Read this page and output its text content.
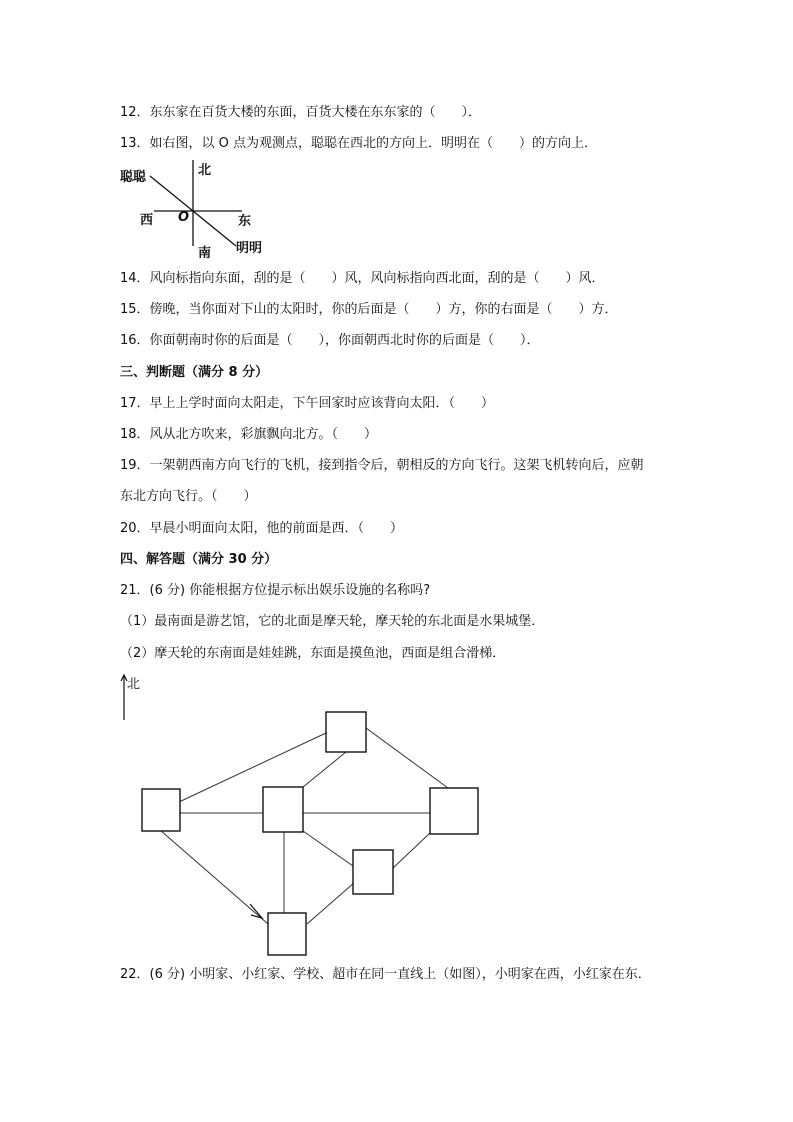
12．东东家在百货大楼的东面，百货大楼在东东家的（　　）．
13．如右图，以 O 点为观测点，聪聪在西北的方向上．明明在（　　）的方向上．
北
南
东
西 O
聪聪
明明
14．风向标指向东面，刮的是（　　）风，风向标指向西北面，刮的是（　　）风．
15．傍晚，当你面对下山的太阳时，你的后面是（　　）方，你的右面是（　　）方．
16．你面朝南时你的后面是（　　），你面朝西北时你的后面是（　　）．
三、判断题（满分 8 分）
17．早上上学时面向太阳走，下午回家时应该背向太阳．（　　）
18．风从北方吹来，彩旗飘向北方。（　　）
19．一架朝西南方向飞行的飞机，接到指令后，朝相反的方向飞行。这架飞机转向后，应朝
东北方向飞行。（　　）
20．早晨小明面向太阳，他的前面是西．（　　）
四、解答题（满分 30 分）
21．(6 分) 你能根据方位提示标出娱乐设施的名称吗?
（1）最南面是游艺馆，它的北面是摩天轮，摩天轮的东北面是水果城堡．
（2）摩天轮的东南面是娃娃跳，东面是摸鱼池，西面是组合滑梯．
北
22．(6 分) 小明家、小红家、学校、超市在同一直线上（如图），小明家在西，小红家在东．
